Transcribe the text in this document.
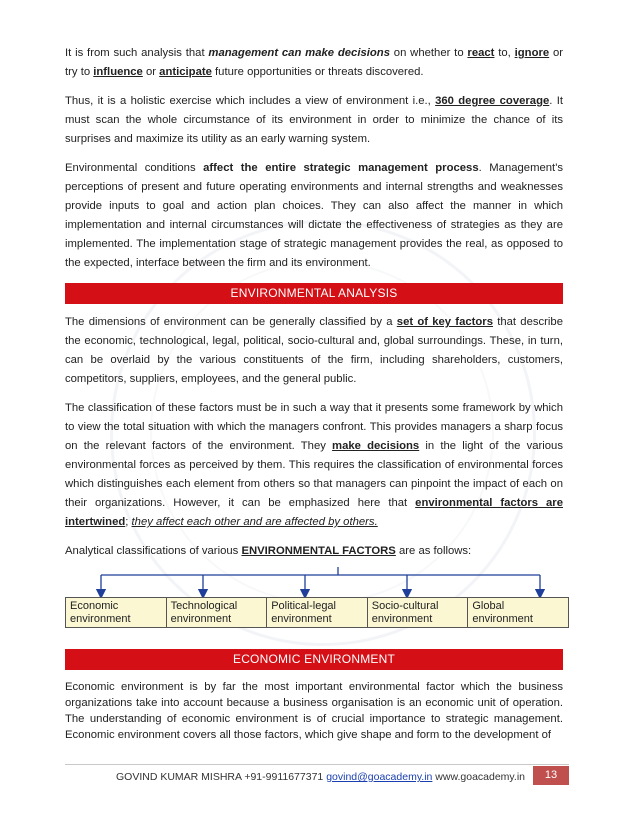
It is from such analysis that management can make decisions on whether to react to, ignore or try to influence or anticipate future opportunities or threats discovered.

Thus, it is a holistic exercise which includes a view of environment i.e., 360 degree coverage. It must scan the whole circumstance of its environment in order to minimize the chance of its surprises and maximize its utility as an early warning system.

Environmental conditions affect the entire strategic management process. Management's perceptions of present and future operating environments and internal strengths and weaknesses provide inputs to goal and action plan choices. They can also affect the manner in which implementation and internal circumstances will dictate the effectiveness of strategies as they are implemented. The implementation stage of strategic management provides the real, as opposed to the expected, interface between the firm and its environment.

ENVIRONMENTAL ANALYSIS

The dimensions of environment can be generally classified by a set of key factors that describe the economic, technological, legal, political, socio-cultural and, global surroundings. These, in turn, can be overlaid by the various constituents of the firm, including shareholders, customers, competitors, suppliers, employees, and the general public.

The classification of these factors must be in such a way that it presents some framework by which to view the total situation with which the managers confront. This provides managers a sharp focus on the relevant factors of the environment. They make decisions in the light of the various environmental forces as perceived by them. This requires the classification of environmental forces which distinguishes each element from others so that managers can pinpoint the impact of each on their organizations. However, it can be emphasized here that environmental factors are intertwined; they affect each other and are affected by others.

Analytical classifications of various ENVIRONMENTAL FACTORS are as follows:

Economic environment
Technological environment
Political-legal environment
Socio-cultural environment
Global environment
ECONOMIC ENVIRONMENT

Economic environment is by far the most important environmental factor which the business organizations take into account because a business organisation is an economic unit of operation. The understanding of economic environment is of crucial importance to strategic management. Economic environment covers all those factors, which give shape and form to the development of

GOVIND KUMAR MISHRA +91-9911677371 govind@goacademy.in www.goacademy.in	13
